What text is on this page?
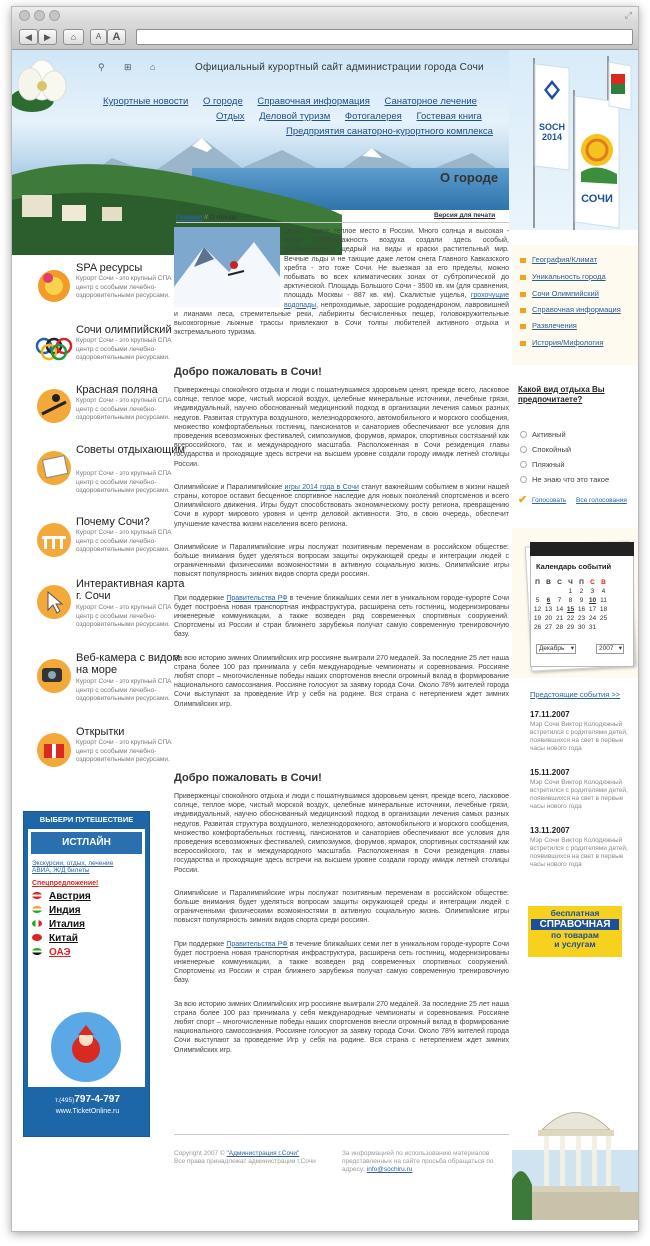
⤢
◀	▶	⌂	A	A
⚲ ⊞ ⌂	Официальный курортный сайт администрации города Сочи
Курортные новости О городе Справочная информация Санаторное лечение
Отдых Деловой туризм Фотогалерея Гостевая книга
Предприятия санаторно-курортного комплекса
О городе
SOCH
2014
СОЧИ
SPA ресурсы
Курорт Сочи - это крупный СПА центр с особыми лечебно-оздоровительными ресурсами.
Сочи олимпийский
Курорт Сочи - это крупный СПА центр с особыми лечебно-оздоровительными ресурсами.
Красная поляна
Курорт Сочи - это крупный СПА центр с особыми лечебно-оздоровительными ресурсами.
Советы отдыхающим
Курорт Сочи - это крупный СПА центр с особыми лечебно-оздоровительными ресурсами.
Почему Сочи?
Курорт Сочи - это крупный СПА центр с особыми лечебно-оздоровительными ресурсами.
Интерактивная карта г. Сочи
Курорт Сочи - это крупный СПА центр с особыми лечебно-оздоровительными ресурсами.
Веб-камера с видом на море
Курорт Сочи - это крупный СПА центр с особыми лечебно-оздоровительными ресурсами.
Открытки
Курорт Сочи - это крупный СПА центр с особыми лечебно-оздоровительными ресурсами.
ВЫБЕРИ ПУТЕШЕСТВИЕ
ИСТЛАЙН
Экскурсии, отдых, лечение
АВИА, Ж/Д билеты
Спецпредложение!
Австрия
Индия
Италия
Китай
ОАЭ
т.(495)797-4-797
www.TicketOnline.ru
Версия для печати
Главная // О городе
Сочи - самое тёплое место в России. Много солнца и высокая - почти 100%-влажность воздуха создали здесь особый, необыкновенно щедрый на виды и краски растительный мир. Вечные льды и не тающие даже летом снега Главного Кавказского хребта - это тоже Сочи. Не выезжая за его пределы, можно побывать во всех климатических зонах от субтропической до арктической. Площадь Большого Сочи - 3500 кв. км (для сравнения, площадь Москвы - 887 кв. км). Скалистые ущелья, грохочущие водопады, непроходимые, заросшие рододендроном, лавровишней и лианами леса, стремительные реки, лабиринты бесчисленных пещер, головокружительные высокогорные лыжные трассы привлекают в Сочи толпы любителей активного отдыха и экстремального туризма.
Добро пожаловать в Сочи!
Приверженцы спокойного отдыха и люди с пошатнувшимся здоровьем ценят, прежде всего, ласковое солнце, теплое море, чистый морской воздух, целебные минеральные источники, лечебные грязи, индивидуальный, научно обоснованный медицинский подход в организации лечения самых разных недугов. Развитая структура воздушного, железнодорожного, автомобильного и морского сообщения, множество комфортабельных гостиниц, пансионатов и санаториев обеспечивают все условия для проведения всевозможных фестивалей, симпозиумов, форумов, ярмарок, спортивных состязаний как всероссийского, так и международного масштаба. Расположенная в Сочи резиденция главы государства и проходящие здесь встречи на высшем уровне создали городу имидж летней столицы России.
Олимпийские и Паралимпийские игры 2014 года в Сочи станут важнейшим событием в жизни нашей страны, которое оставит бесценное спортивное наследие для новых поколений спортсменов и всего Олимпийского движения. Игры будут способствовать экономическому росту региона, превращению Сочи в курорт мирового уровня и центр деловой активности. Это, в свою очередь, обеспечит улучшение качества жизни населения всего региона.
Олимпийские и Паралимпийские игры послужат позитивным переменам в российском обществе: больше внимания будет уделяться вопросам защиты окружающей среды и интеграции людей с ограниченными физическими возможностями в активную социальную жизнь. Олимпийские игры повысят популярность зимних видов спорта среди россиян.
При поддержке Правительства РФ в течение ближайших семи лет в уникальном городе-курорте Сочи будет построена новая транспортная инфраструктура, расширена сеть гостиниц, модернизированы инженерные коммуникации, а также возведен ряд современных спортивных сооружений. Спортсмены из России и стран ближнего зарубежья получат самую современную тренировочную базу.
За всю историю зимних Олимпийских игр россияне выиграли 270 медалей. За последние 25 лет наша страна более 100 раз принимала у себя международные чемпионаты и соревнования. Россияне любят спорт – многочисленные победы наших спортсменов внесли огромный вклад в формирование национального самосознания. Россияне голосуют за заявку города Сочи. Около 78% жителей города Сочи выступают за проведение Игр у себя на родине. Вся страна с нетерпением ждет зимних Олимпийских игр.
Добро пожаловать в Сочи!
Приверженцы спокойного отдыха и люди с пошатнувшимся здоровьем ценят, прежде всего, ласковое солнце, теплое море, чистый морской воздух, целебные минеральные источники, лечебные грязи, индивидуальный, научно обоснованный медицинский подход в организации лечения самых разных недугов. Развитая структура воздушного, железнодорожного, автомобильного и морского сообщения, множество комфортабельных гостиниц, пансионатов и санаториев обеспечивают все условия для проведения всевозможных фестивалей, симпозиумов, форумов, ярмарок, спортивных состязаний как всероссийского, так и международного масштаба. Расположенная в Сочи резиденция главы государства и проходящие здесь встречи на высшем уровне создали городу имидж летней столицы России.
Олимпийские и Паралимпийские игры послужат позитивным переменам в российском обществе: больше внимания будет уделяться вопросам защиты окружающей среды и интеграции людей с ограниченными физическими возможностями в активную социальную жизнь. Олимпийские игры повысят популярность зимних видов спорта среди россиян.
При поддержке Правительства РФ в течение ближайших семи лет в уникальном городе-курорте Сочи будет построена новая транспортная инфраструктура, расширена сеть гостиниц, модернизированы инженерные коммуникации, а также возведен ряд современных спортивных сооружений. Спортсмены из России и стран ближнего зарубежья получат самую современную тренировочную базу.
За всю историю зимних Олимпийских игр россияне выиграли 270 медалей. За последние 25 лет наша страна более 100 раз принимала у себя международные чемпионаты и соревнования. Россияне любят спорт – многочисленные победы наших спортсменов внесли огромный вклад в формирование национального самосознания. Россияне голосуют за заявку города Сочи. Около 78% жителей города Сочи выступают за проведение Игр у себя на родине. Вся страна с нетерпением ждет зимних Олимпийских игр.
Copyright 2007 © "Администрация г.Сочи"
Все права принадлежат администрации г.Сочи
За информацией по использованию материалов представленных на сайте просьба обращаться по адресу: info@sochiru.ru
География/Климат
Уникальность города
Сочи Олимпийский
Справочная информация
Развлечения
История/Мифология
Какой вид отдыха Вы предпочитаете?
Активный
Спокойный
Пляжный
Не знаю что это такое
✔ Голосовать Все голосования
Календарь событий
П	В	С	Ч	П	С	В
			1	2	3	4
5	6	7	8	9	10	11
12	13	14	15	16	17	18
19	20	21	22	23	24	25
26	27	28	29	30	31	
Декабрь ▾	2007 ▾
Предстоящие события >>
17.11.2007
Мэр Сочи Виктор Колодяжный встретился с родителями детей, появившихся на свет в первые часы нового года
15.11.2007
Мэр Сочи Виктор Колодяжный встретился с родителями детей, появившихся на свет в первые часы нового года
13.11.2007
Мэр Сочи Виктор Колодяжный встретился с родителями детей, появившихся на свет в первые часы нового года
бесплатная
СПРАВОЧНАЯ
по товарам
и услугам
